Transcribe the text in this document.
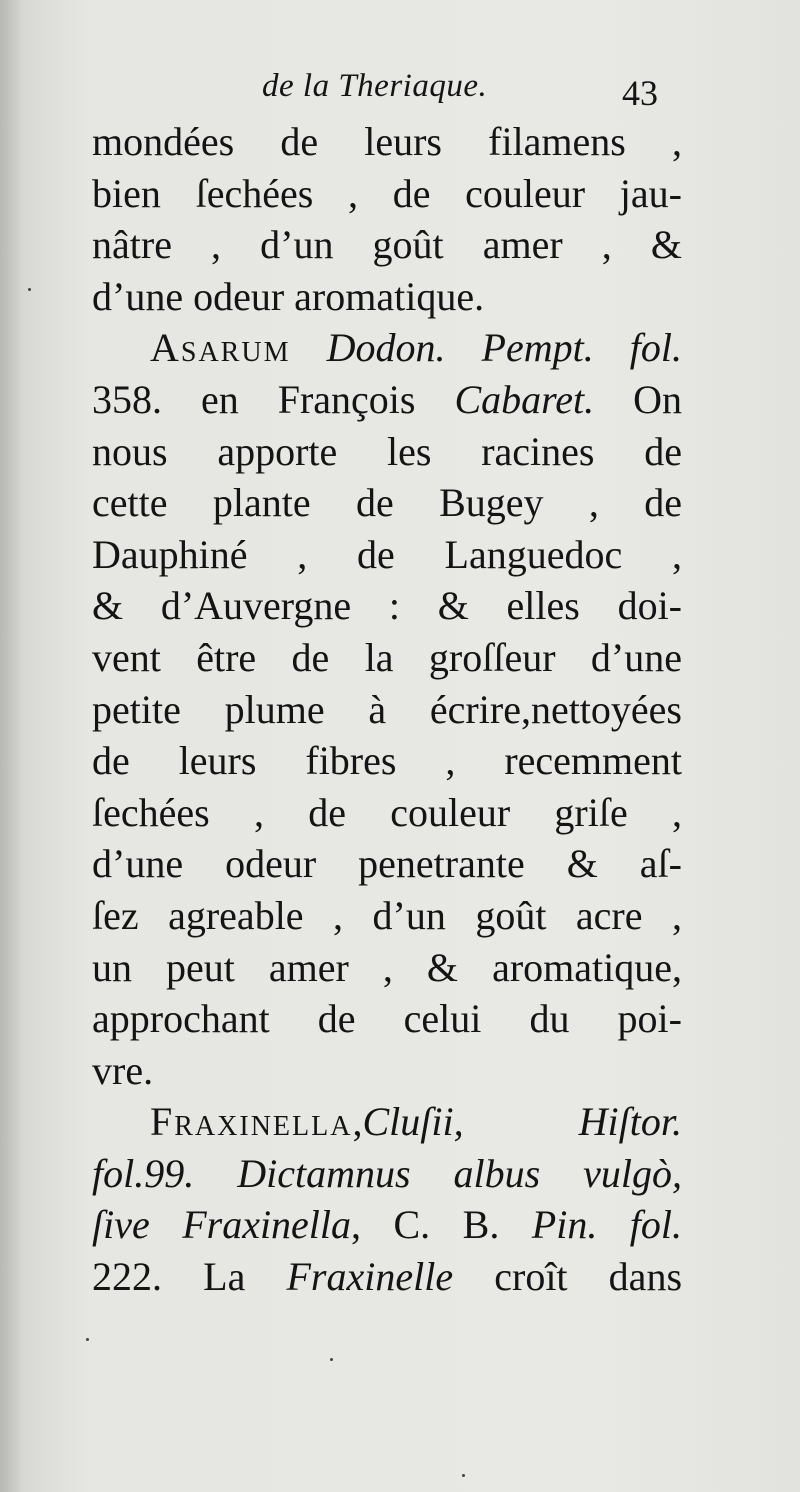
de la Theriaque.	43
mondées de leurs filamens ,
bien ſechées , de couleur jau-
nâtre , d’un goût amer , &
d’une odeur aromatique.
Asarum Dodon. Pempt. fol.
358. en François Cabaret. On
nous apporte les racines de
cette plante de Bugey , de
Dauphiné , de Languedoc ,
& d’Auvergne : & elles doi-
vent être de la groſſeur d’une
petite plume à écrire,nettoyées
de leurs fibres , recemment
ſechées , de couleur griſe ,
d’une odeur penetrante & aſ-
ſez agreable , d’un goût acre ,
un peut amer , & aromatique,
approchant de celui du poi-
vre.
Fraxinella,Cluſii, Hiſtor.
fol.99. Dictamnus albus vulgò,
ſive Fraxinella, C. B. Pin. fol.
222. La Fraxinelle croît dans
